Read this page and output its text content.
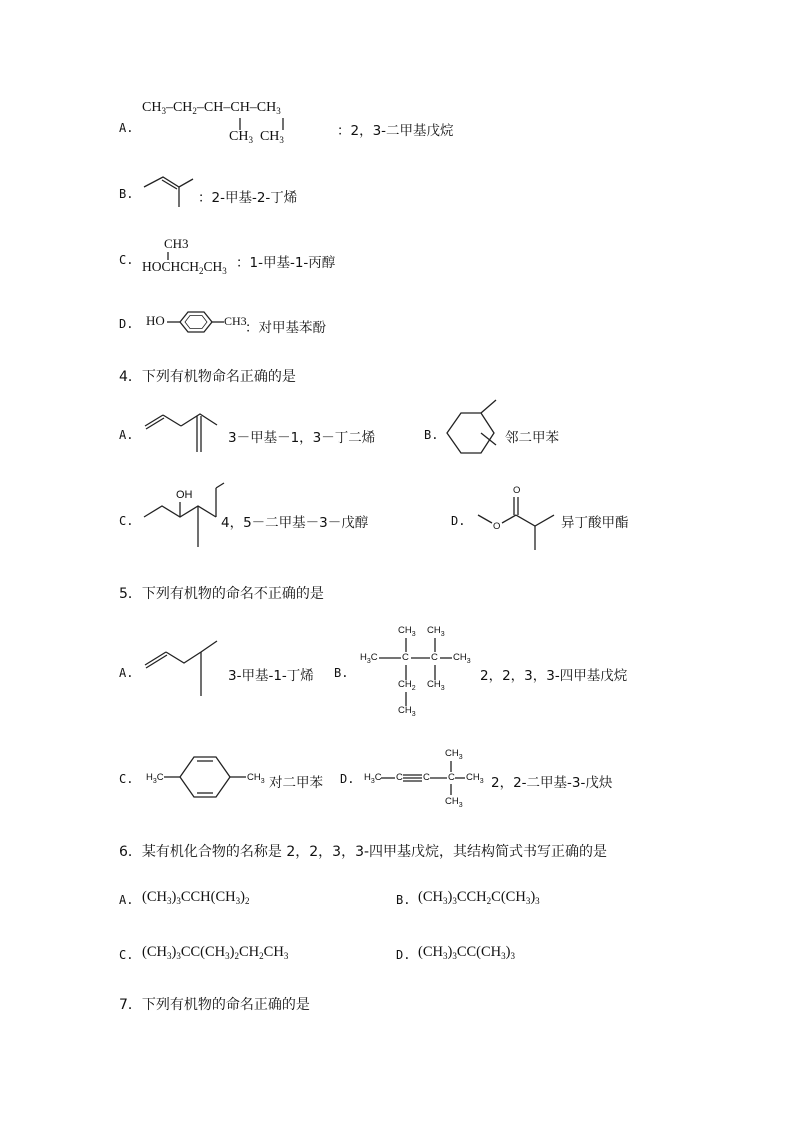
A.
$CH_3-CH_2-CH-CH-CH_3$
$CH_3$  $CH_3$
：2，3-二甲基戊烷
B.	：2-甲基-2-丁烯
C.
CH3
$HOCHCH_2CH_3$ ：1-甲基-1-丙醇
D. HO	CH3
：对甲基苯酚
4．下列有机物命名正确的是
A.	3－甲基－1，3－丁二烯	B.	邻二甲苯
C.
OH
4，5－二甲基－3－戊醇	D.
O
O	异丁酸甲酯
5．下列有机物的命名不正确的是
A.	3-甲基-1-丁烯 B.
$CH_3$ $CH_3$
$H_3C$	C C $CH_3$
$CH_2$ $CH_3$
$CH_3$
2，2，3，3-四甲基戊烷
C. $H_3C$	$CH_3$ 对二甲苯 D.
$CH_3$
$H_3C$ C C C $CH_3$
$CH_3$
2，2-二甲基-3-戊炔
6．某有机化合物的名称是 2，2，3，3-四甲基戊烷，其结构简式书写正确的是
A. $(CH_3)_3CCH(CH_3)_2$	B. $(CH_3)_3CCH_2C(CH_3)_3$
C. $(CH_3)_3CC(CH_3)_2CH_2CH_3$	D. $(CH_3)_3CC(CH_3)_3$
7．下列有机物的命名正确的是
